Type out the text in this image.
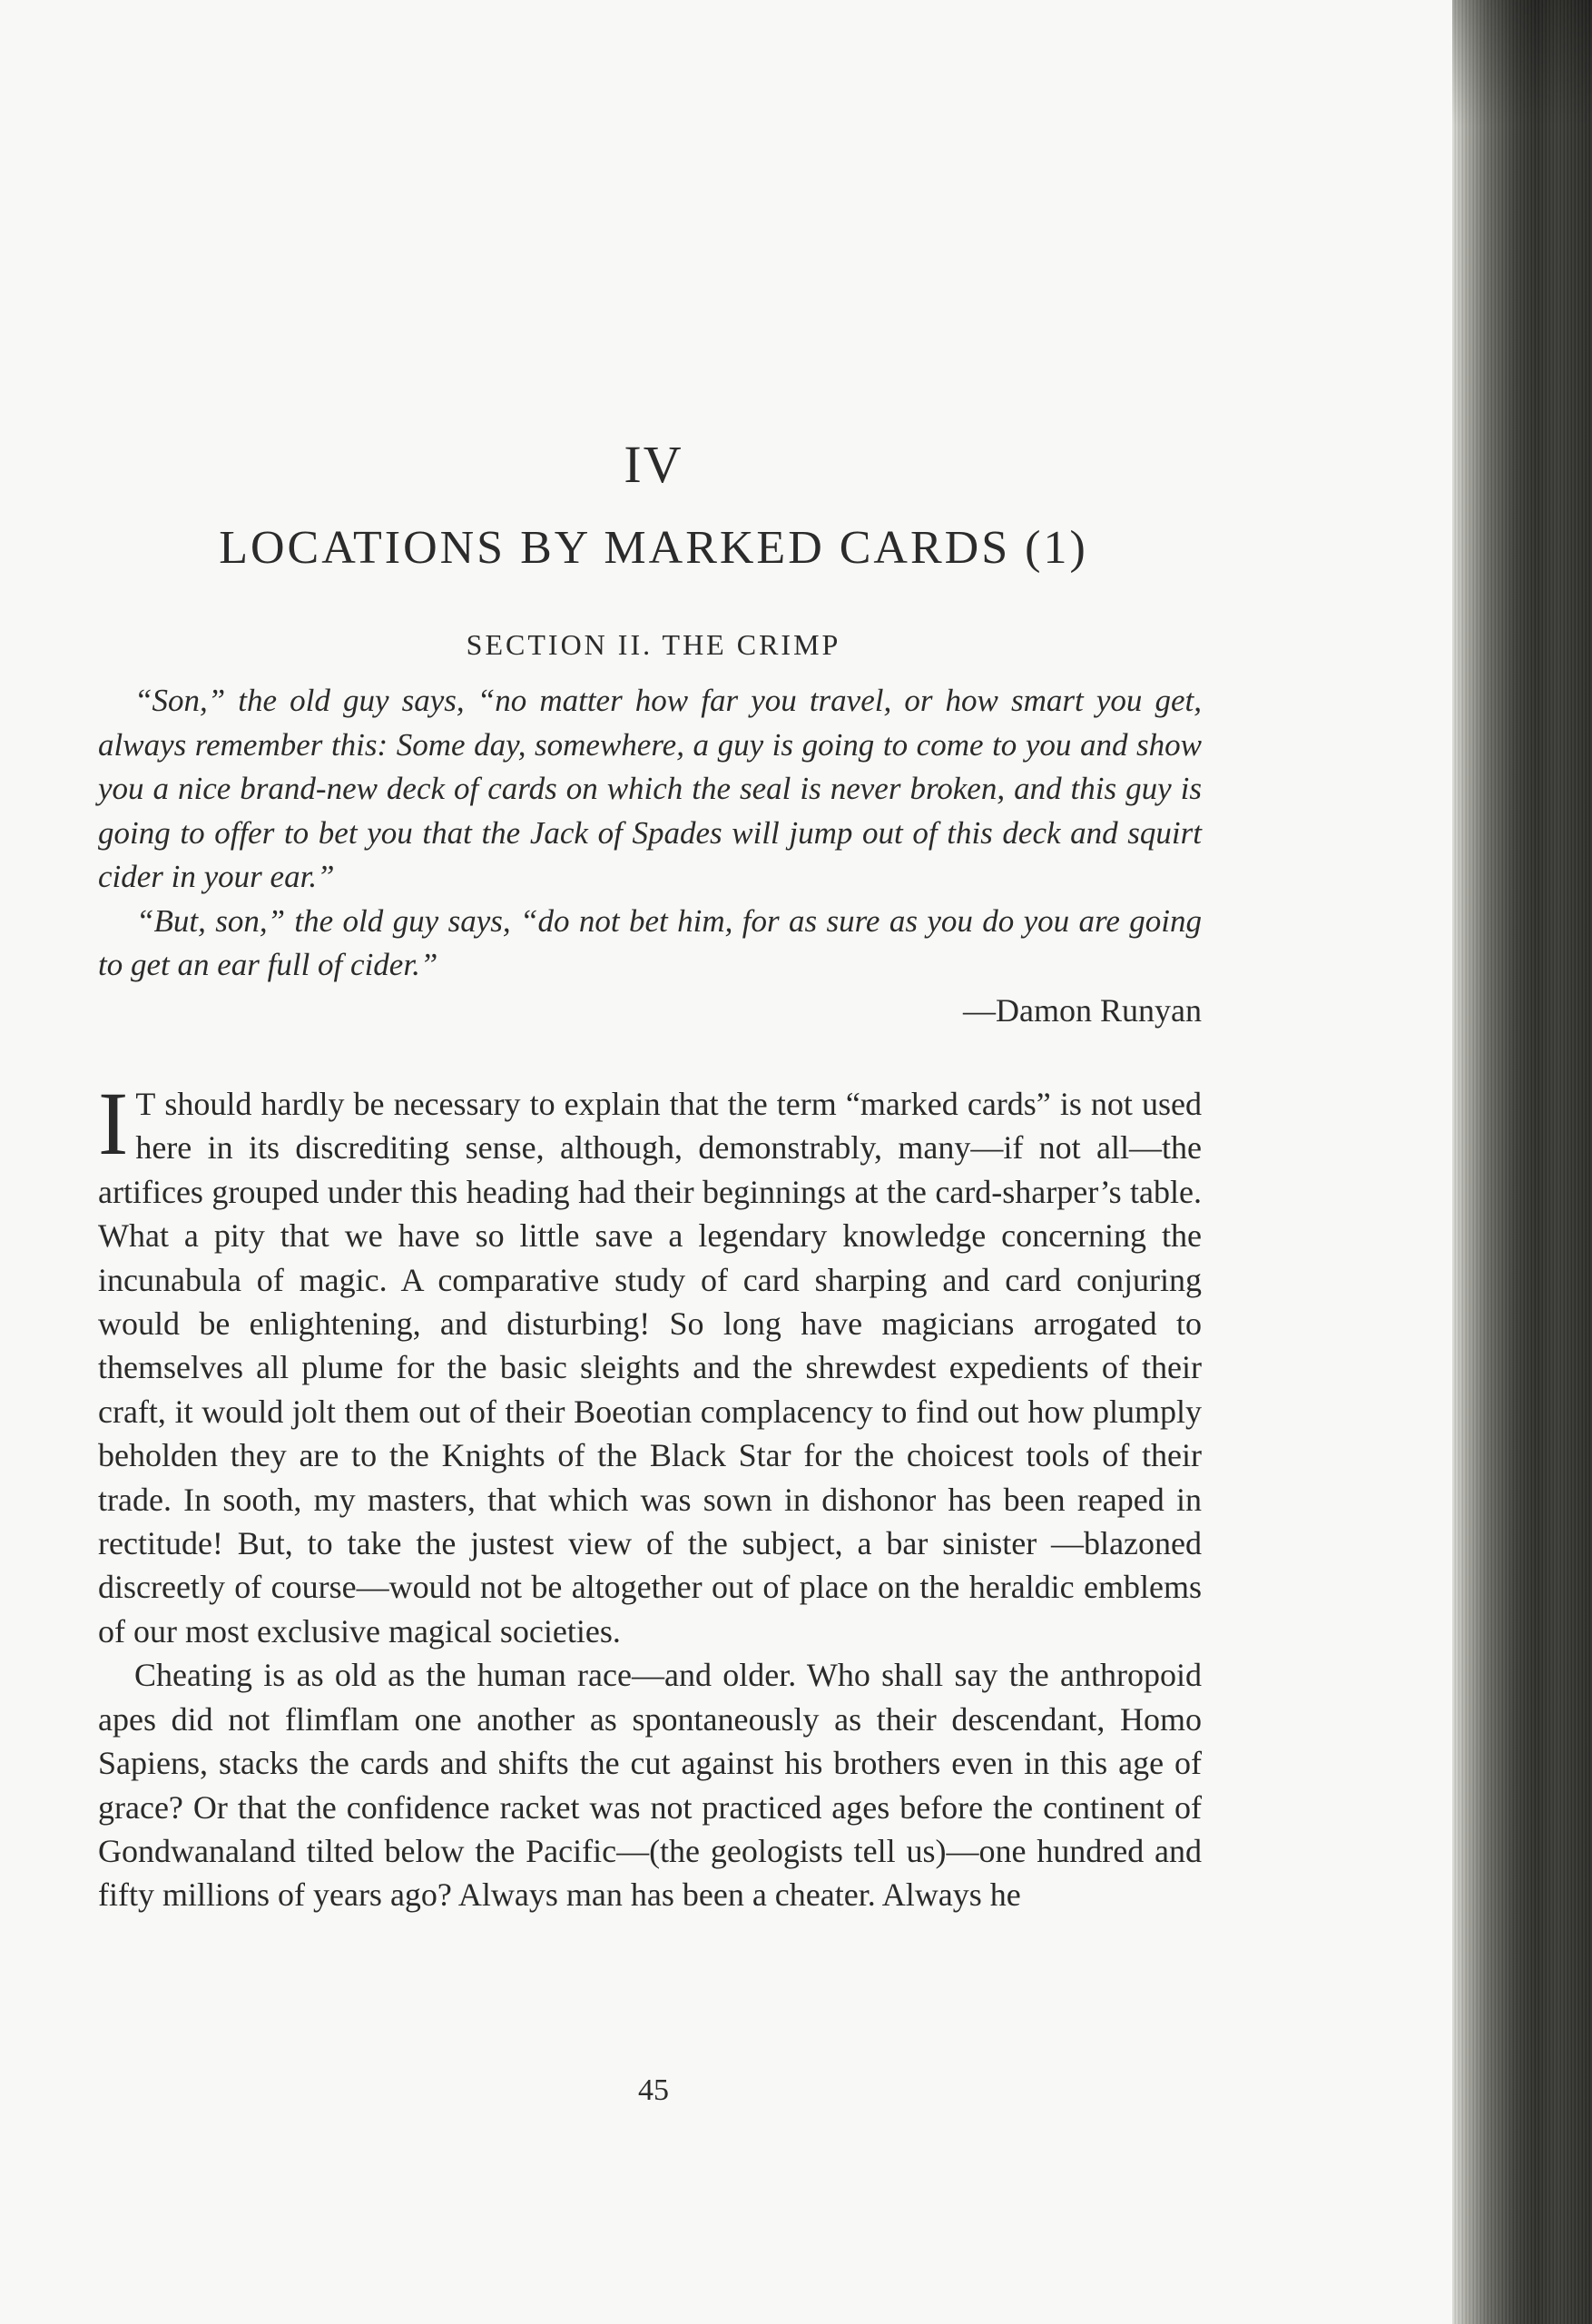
IV
LOCATIONS BY MARKED CARDS (1)
SECTION II. THE CRIMP

“Son,” the old guy says, “no matter how far you travel, or how smart you get, always remember this: Some day, somewhere, a guy is going to come to you and show you a nice brand-new deck of cards on which the seal is never broken, and this guy is going to offer to bet you that the Jack of Spades will jump out of this deck and squirt cider in your ear.”

“But, son,” the old guy says, “do not bet him, for as sure as you do you are going to get an ear full of cider.”

—Damon Runyan

I T should hardly be necessary to explain that the term “marked cards” is not used here in its discrediting sense, although, demonstrably, many—if not all—the artifices grouped under this heading had their beginnings at the card-sharper’s table. What a pity that we have so little save a legendary knowledge concerning the incunabula of magic. A comparative study of card sharping and card conjuring would be enlightening, and disturbing! So long have magicians arrogated to themselves all plume for the basic sleights and the shrewdest expedients of their craft, it would jolt them out of their Boeotian complacency to find out how plumply beholden they are to the Knights of the Black Star for the choicest tools of their trade. In sooth, my masters, that which was sown in dishonor has been reaped in rectitude! But, to take the justest view of the subject, a bar sinister —blazoned discreetly of course—would not be altogether out of place on the heraldic emblems of our most exclusive magical societies.

Cheating is as old as the human race—and older. Who shall say the anthropoid apes did not flimflam one another as spontaneously as their descendant, Homo Sapiens, stacks the cards and shifts the cut against his brothers even in this age of grace? Or that the confidence racket was not practiced ages before the continent of Gondwanaland tilted below the Pacific—(the geologists tell us)—one hundred and fifty millions of years ago? Always man has been a cheater. Always he

45
